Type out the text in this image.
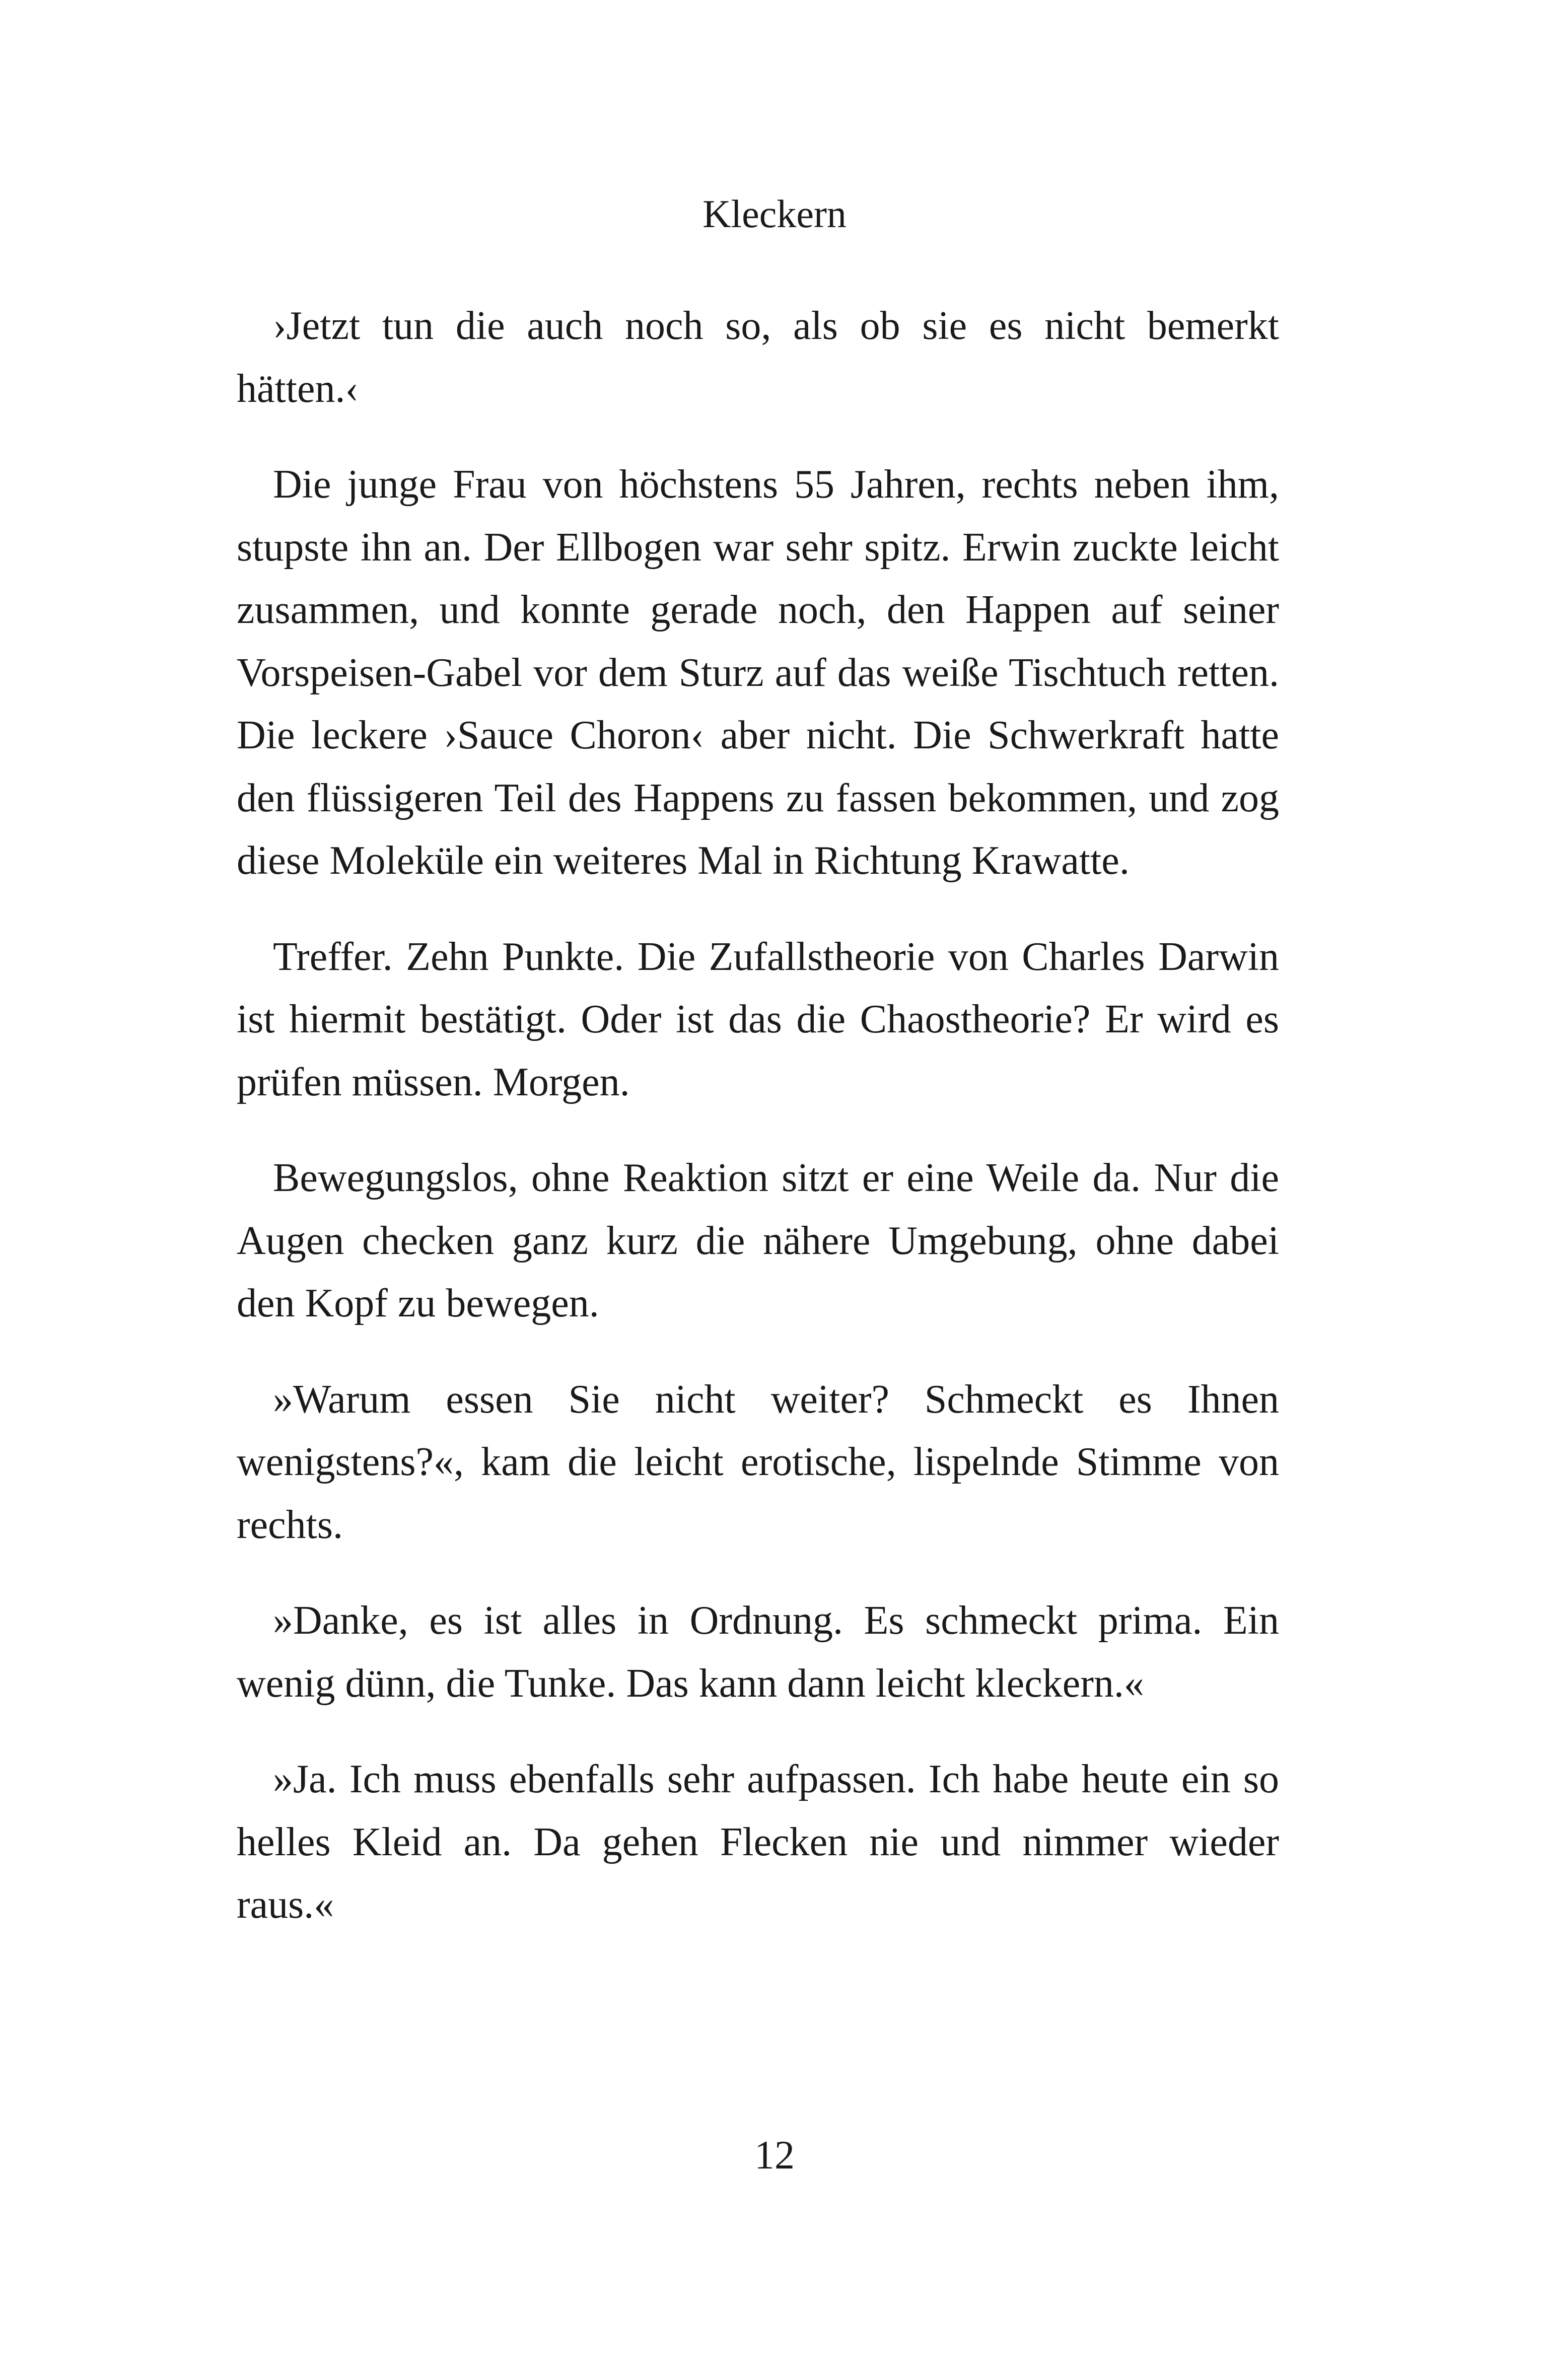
Kleckern

›Jetzt tun die auch noch so, als ob sie es nicht bemerkt hätten.‹

Die junge Frau von höchstens 55 Jahren, rechts neben ihm, stupste ihn an. Der Ellbogen war sehr spitz. Erwin zuckte leicht zusammen, und konnte gerade noch, den Happen auf seiner Vorspeisen-Gabel vor dem Sturz auf das weiße Tischtuch retten. Die leckere ›Sauce Choron‹ aber nicht. Die Schwerkraft hatte den flüssigeren Teil des Happens zu fassen bekommen, und zog diese Moleküle ein weiteres Mal in Richtung Krawatte.

Treffer. Zehn Punkte. Die Zufallstheorie von Charles Darwin ist hiermit bestätigt. Oder ist das die Chaostheorie? Er wird es prüfen müssen. Morgen.

Bewegungslos, ohne Reaktion sitzt er eine Weile da. Nur die Augen checken ganz kurz die nähere Umgebung, ohne dabei den Kopf zu bewegen.

»Warum essen Sie nicht weiter? Schmeckt es Ihnen wenigstens?«, kam die leicht erotische, lispelnde Stimme von rechts.

»Danke, es ist alles in Ordnung. Es schmeckt prima. Ein wenig dünn, die Tunke. Das kann dann leicht kleckern.«

»Ja. Ich muss ebenfalls sehr aufpassen. Ich habe heute ein so helles Kleid an. Da gehen Flecken nie und nimmer wieder raus.«

12
